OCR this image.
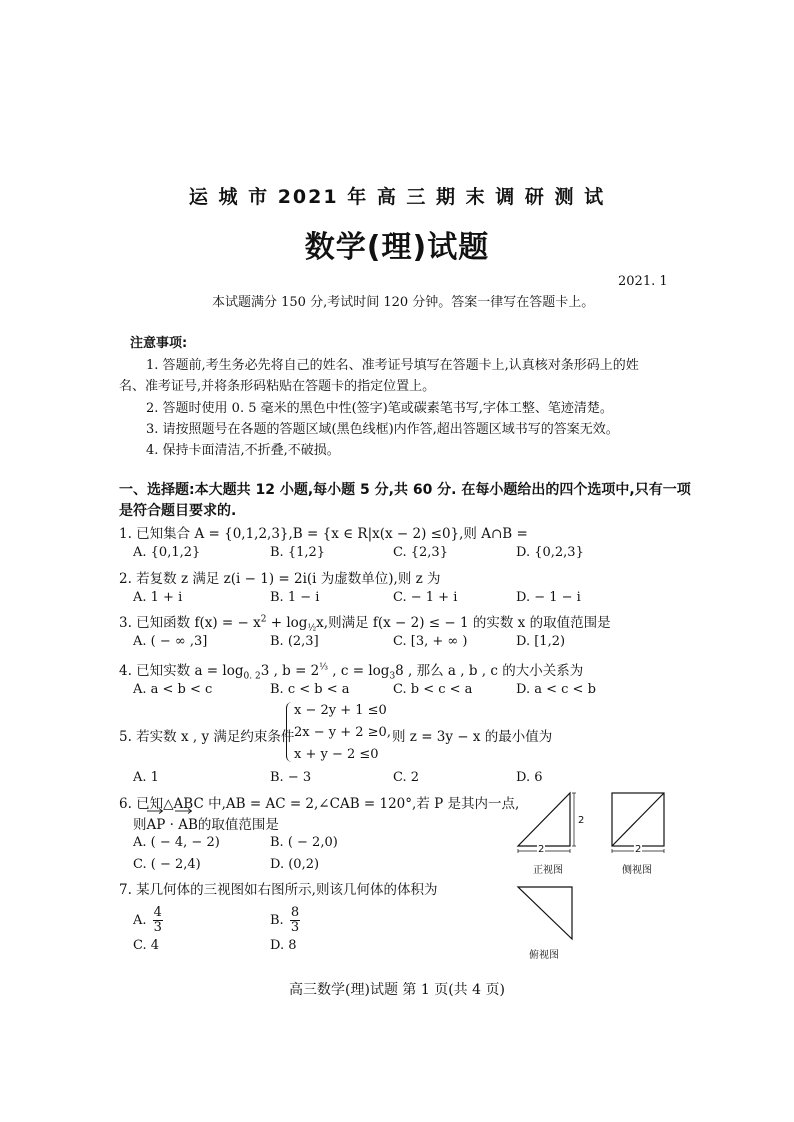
运 城 市 2021 年 高 三 期 末 调 研 测 试
数学(理)试题
2021. 1
本试题满分 150 分,考试时间 120 分钟。答案一律写在答题卡上。
注意事项:
1. 答题前,考生务必先将自己的姓名、准考证号填写在答题卡上,认真核对条形码上的姓
名、准考证号,并将条形码粘贴在答题卡的指定位置上。
2. 答题时使用 0. 5 毫米的黑色中性(签字)笔或碳素笔书写,字体工整、笔迹清楚。
3. 请按照题号在各题的答题区域(黑色线框)内作答,超出答题区域书写的答案无效。
4. 保持卡面清洁,不折叠,不破损。
一、选择题:本大题共 12 小题,每小题 5 分,共 60 分. 在每小题给出的四个选项中,只有一项
是符合题目要求的.
1. 已知集合 A = {0,1,2,3},B = {x ∈ R|x(x − 2) ≤0},则 A∩B =
A. {0,1,2}	B. {1,2}	C. {2,3}	D. {0,2,3}
2. 若复数 z 满足 z(i − 1) = 2i(i 为虚数单位),则 z 为
A. 1 + i	B. 1 − i	C. − 1 + i	D. − 1 − i
3. 已知函数 f(x) = − $x^2 + \log_{\frac{1}{2}}x$,则满足 f(x − 2) ≤ − 1 的实数 x 的取值范围是
A. ( − ∞ ,3]	B. (2,3]	C. [3, + ∞ )	D. [1,2)
4. 已知实数 $a = \log_{0. 2}3$ , $b = 2^{\frac{1}{3}}$ , $c = \log_38$ , 那么 a , b , c 的大小关系为
A. a < b < c	B. c < b < a	C. b < c < a	D. a < c < b
x − 2y + 1 ≤0
5. 若实数 x , y 满足约束条件 2x − y + 2 ≥0, 则 z = 3y − x 的最小值为
x + y − 2 ≤0
A. 1	B. − 3	C. 2	D. 6
6. 已知△ABC 中,AB = AC = 2,∠CAB = 120°,若 P 是其内一点,
则AP · AB的取值范围是
A. ( − 4, − 2)	B. ( − 2,0)
C. ( − 2,4)	D. (0,2)
7. 某几何体的三视图如右图所示,则该几何体的体积为
A. $\frac{4}{3}$	B. $\frac{8}{3}$
C. 4	D. 8
2
2
正视图
2
侧视图
俯视图
高三数学(理)试题 第 1 页(共 4 页)
